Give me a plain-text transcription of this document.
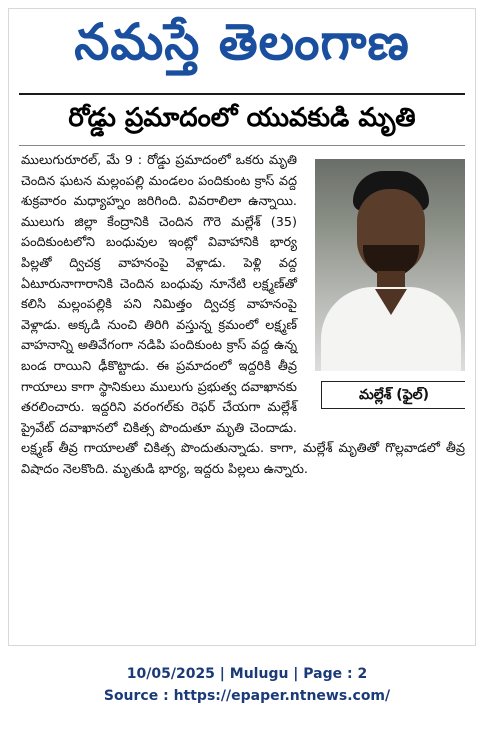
నమస్తే తెలంగాణ
రోడ్డు ప్రమాదంలో యువకుడి మృతి
మల్లేశ్‌ (ఫైల్‌)

ములుగురూరల్‌, మే 9 : రోడ్డు ప్రమాదంలో ఒకరు మృతి చెందిన ఘటన మల్లంపల్లి మండలం పందికుంట క్రాస్‌ వద్ద శుక్రవారం మధ్యాహ్నం జరిగింది. వివరాలిలా ఉన్నాయి. ములుగు జిల్లా కేంద్రానికి చెందిన గౌరె మల్లేశ్‌ (35) పందికుంటలోని బంధువుల ఇంట్లో వివాహానికి భార్య పిల్లతో ద్విచక్ర వాహనంపై వెళ్లాడు. పెళ్లి వద్ద ఏటూరునాగారానికి చెందిన బంధువు నూనేటి లక్ష్మణ్‌తో కలిసి మల్లంపల్లికి పని నిమిత్తం ద్విచక్ర వాహనంపై వెళ్లాడు. అక్కడి నుంచి తిరిగి వస్తున్న క్రమంలో లక్ష్మణ్‌ వాహనాన్ని అతివేగంగా నడిపి పందికుంట క్రాస్‌ వద్ద ఉన్న బండ రాయిని ఢీకొట్టాడు. ఈ ప్రమాదంలో ఇద్దరికి తీవ్ర గాయాలు కాగా స్థానికులు ములుగు ప్రభుత్వ దవాఖానకు తరలించారు. ఇద్దరిని వరంగల్‌కు రెఫర్‌ చేయగా మల్లేశ్‌ ప్రైవేట్‌ దవాఖానలో చికిత్స పొందుతూ మృతి చెందాడు. లక్ష్మణ్‌ తీవ్ర గాయాలతో చికిత్స పొందుతున్నాడు. కాగా, మల్లేశ్‌ మృతితో గొల్లవాడలో తీవ్ర విషాదం నెలకొంది. మృతుడి భార్య, ఇద్దరు పిల్లలు ఉన్నారు.

10/05/2025 | Mulugu | Page : 2
Source : https://epaper.ntnews.com/
